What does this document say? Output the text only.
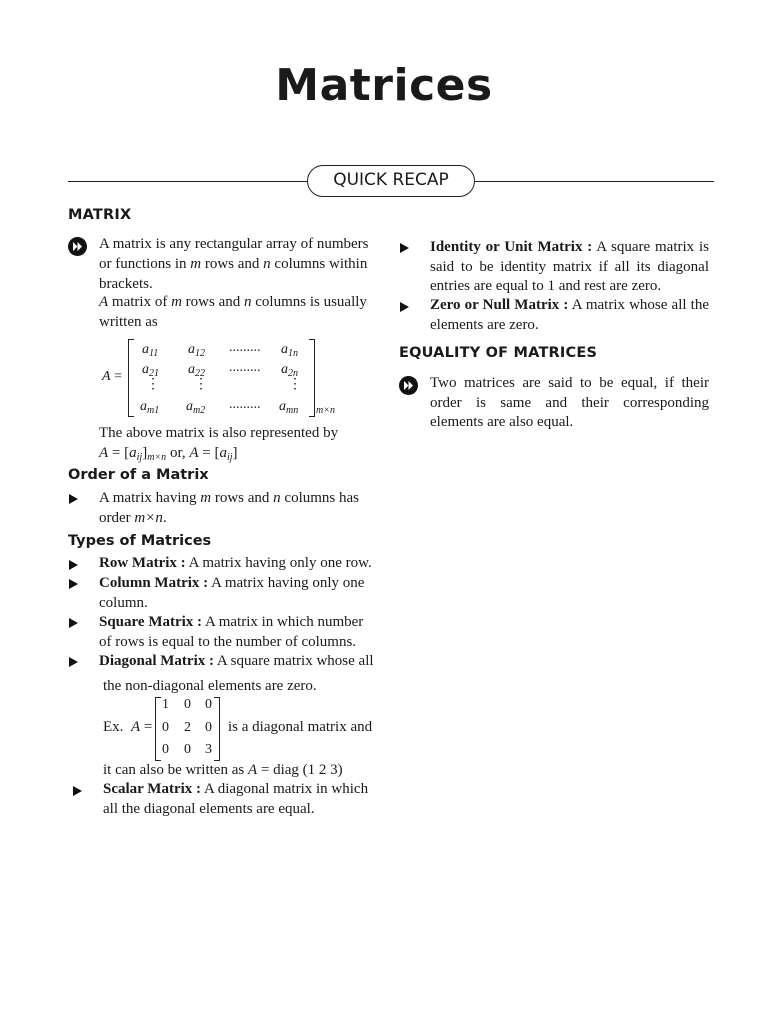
Matrices
QUICK RECAP
MATRIX

A matrix is any rectangular array of numbers
or functions in m rows and n columns within

brackets.

A matrix of m rows and n columns is usually
written as

A =
$a_{11}$ $a_{12}$ ......... $a_{1n}$
$a_{21}$ $a_{22}$ ......... $a_{2n}$
⋮ ⋮	⋮
$a_{m1}$ $a_{m2}$ ......... $a_{mn}$ m×n

The above matrix is also represented by
$A = [a_{ij}]_{m\times n}$ or, $A = [a_{ij}]$

Order of a Matrix

A matrix having m rows and n columns has
order m×n.

Types of Matrices

Row Matrix : A matrix having only one row.

Column Matrix : A matrix having only one
column.

Square Matrix : A matrix in which number
of rows is equal to the number of columns.

Diagonal Matrix : A square matrix whose all

the non-diagonal elements are zero.

Ex. A =
1 0 0
0 2 0
0 0 3
is a diagonal matrix and

it can also be written as A = diag (1 2 3)

Scalar Matrix : A diagonal matrix in which
all the diagonal elements are equal.

Identity or Unit Matrix : A square matrix is said to be identity matrix if all its diagonal entries are equal to 1 and rest are zero.

Zero or Null Matrix : A matrix whose all the elements are zero.

EQUALITY OF MATRICES

Two matrices are said to be equal, if their order is same and their corresponding elements are also equal.
